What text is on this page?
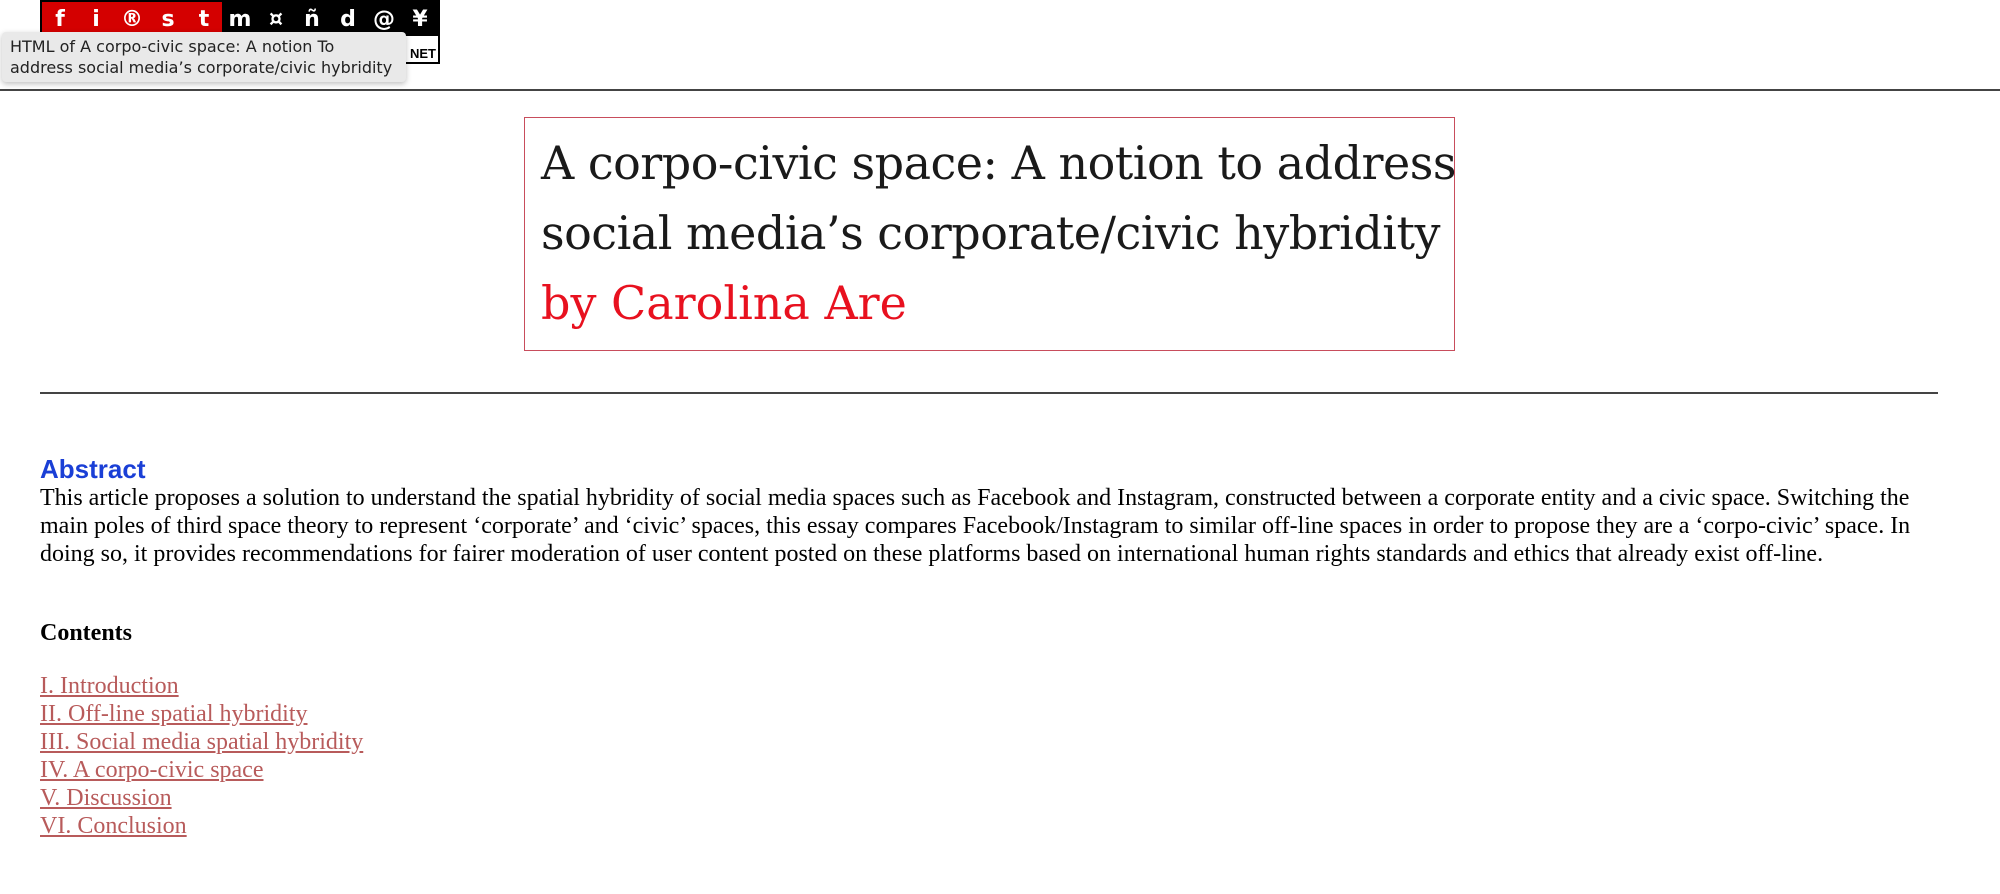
f	i ® s	t m ¤ ñ d @ ¥
NET
HTML of A corpo-civic space: A notion To address social media’s corporate/civic hybridity
A corpo-civic space: A notion to address
social media’s corporate/civic hybridity
by Carolina Are
Abstract
This article proposes a solution to understand the spatial hybridity of social media spaces such as Facebook and Instagram, constructed between a corporate entity and a civic space. Switching the main poles of third space theory to represent ‘corporate’ and ‘civic’ spaces, this essay compares Facebook/Instagram to similar off-line spaces in order to propose they are a ‘corpo-civic’ space. In doing so, it provides recommendations for fairer moderation of user content posted on these platforms based on international human rights standards and ethics that already exist off-line.
Contents
I. Introduction
II. Off-line spatial hybridity
III. Social media spatial hybridity
IV. A corpo-civic space
V. Discussion
VI. Conclusion
